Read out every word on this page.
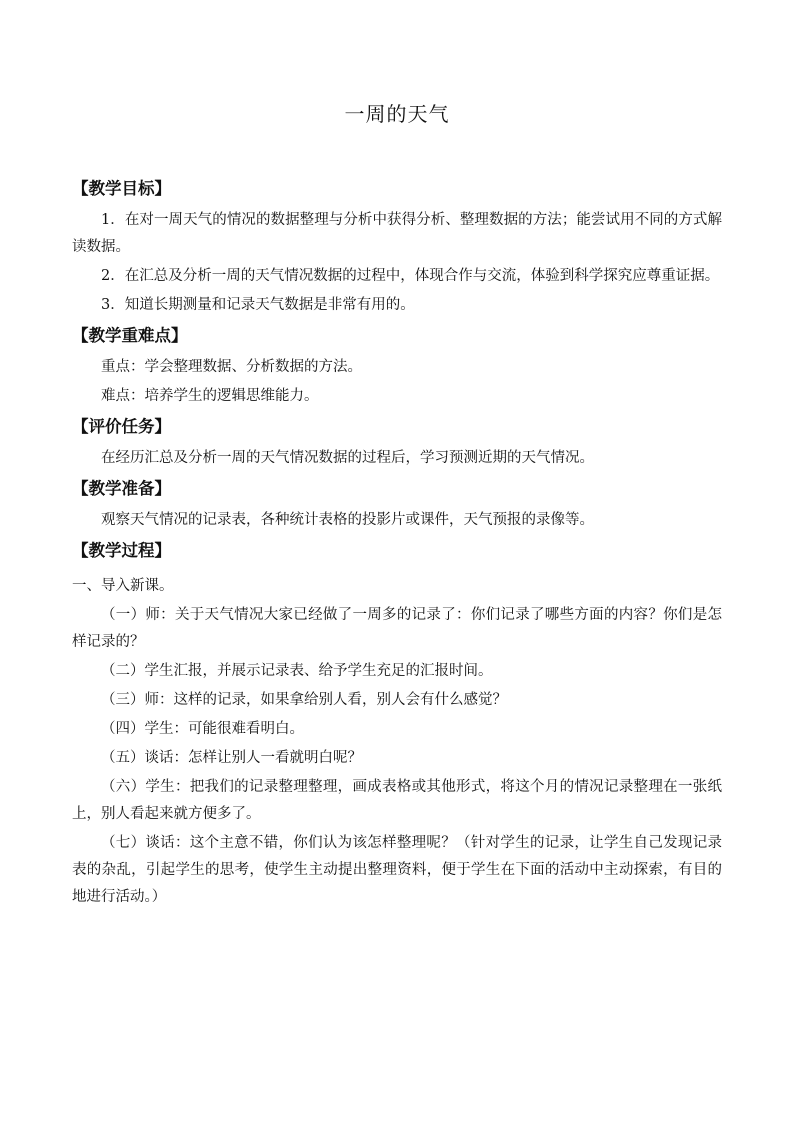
一周的天气
【教学目标】

1．在对一周天气的情况的数据整理与分析中获得分析、整理数据的方法；能尝试用不同的方式解读数据。

2．在汇总及分析一周的天气情况数据的过程中，体现合作与交流，体验到科学探究应尊重证据。

3．知道长期测量和记录天气数据是非常有用的。

【教学重难点】

重点：学会整理数据、分析数据的方法。

难点：培养学生的逻辑思维能力。

【评价任务】

在经历汇总及分析一周的天气情况数据的过程后，学习预测近期的天气情况。

【教学准备】

观察天气情况的记录表，各种统计表格的投影片或课件，天气预报的录像等。

【教学过程】

一、导入新课。

（一）师：关于天气情况大家已经做了一周多的记录了：你们记录了哪些方面的内容？你们是怎样记录的？

（二）学生汇报，并展示记录表、给予学生充足的汇报时间。

（三）师：这样的记录，如果拿给别人看，别人会有什么感觉？

（四）学生：可能很难看明白。

（五）谈话：怎样让别人一看就明白呢？

（六）学生：把我们的记录整理整理，画成表格或其他形式，将这个月的情况记录整理在一张纸上，别人看起来就方便多了。

（七）谈话：这个主意不错，你们认为该怎样整理呢？（针对学生的记录，让学生自己发现记录表的杂乱，引起学生的思考，使学生主动提出整理资料，便于学生在下面的活动中主动探索，有目的地进行活动。）
